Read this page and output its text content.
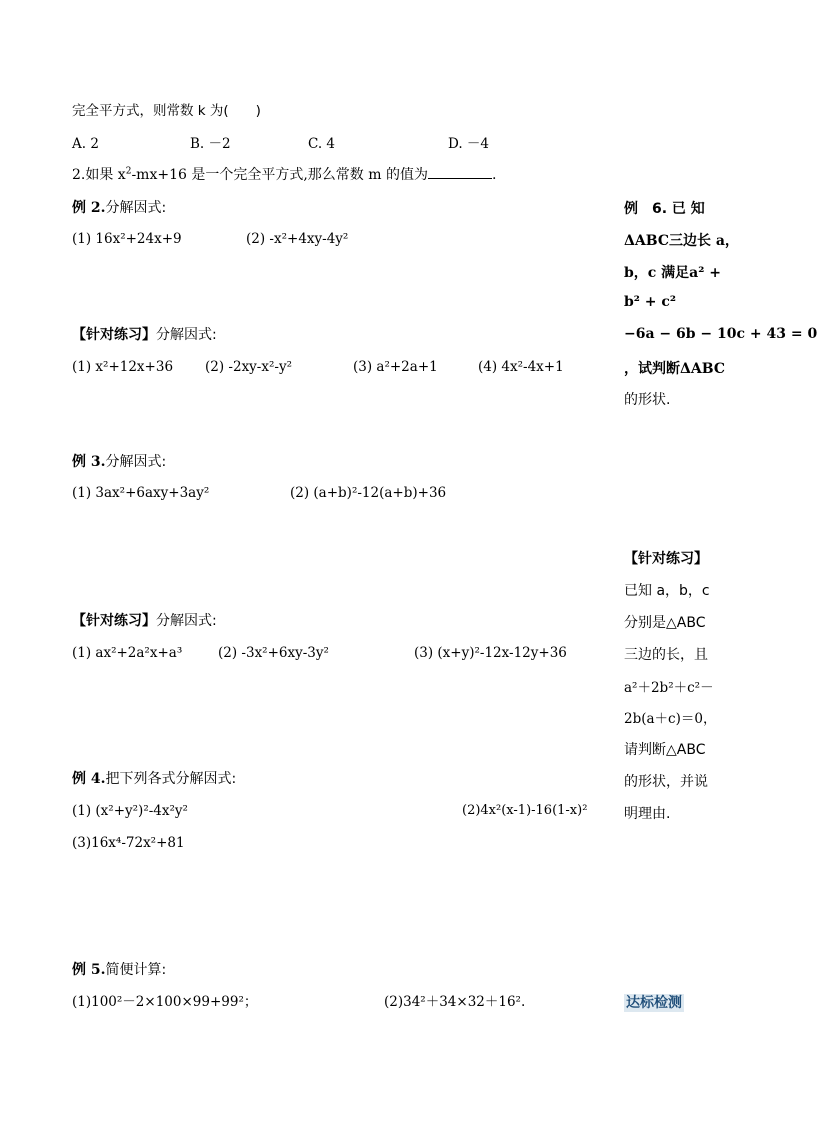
完全平方式，则常数 k 为(　　)
A. 2	B. －2	C. 4	D. －4
2.如果 $x^2-mx+16$ 是一个完全平方式,那么常数 m 的值为	.
例 2.分解因式:
(1) 16x²+24x+9	(2) -x²+4xy-4y²
【针对练习】分解因式:
(1) x²+12x+36 (2) -2xy-x²-y²	(3) a²+2a+1	(4) 4x²-4x+1
例 3.分解因式:
(1) 3ax²+6axy+3ay²	(2) (a+b)²-12(a+b)+36
【针对练习】分解因式:
(1) ax²+2a²x+a³	(2) -3x²+6xy-3y²	(3) (x+y)²-12x-12y+36
例 4.把下列各式分解因式:
(1) (x²+y²)²-4x²y²	(2)4x²(x-1)-16(1-x)²
(3)16x⁴-72x²+81
例 5.简便计算:
(1)100²－2×100×99+99²；	(2)34²＋34×32＋16².
例　6. 已 知
ΔABC三边长 a，
b，c 满足a² +
b² + c²
−6a − 6b − 10c + 43 = 0
，试判断ΔABC
的形状.
【针对练习】
已知 a，b，c
分别是△ABC
三边的长，且
a²＋2b²＋c²－
2b(a＋c)＝0，
请判断△ABC
的形状，并说
明理由.
达标检测
